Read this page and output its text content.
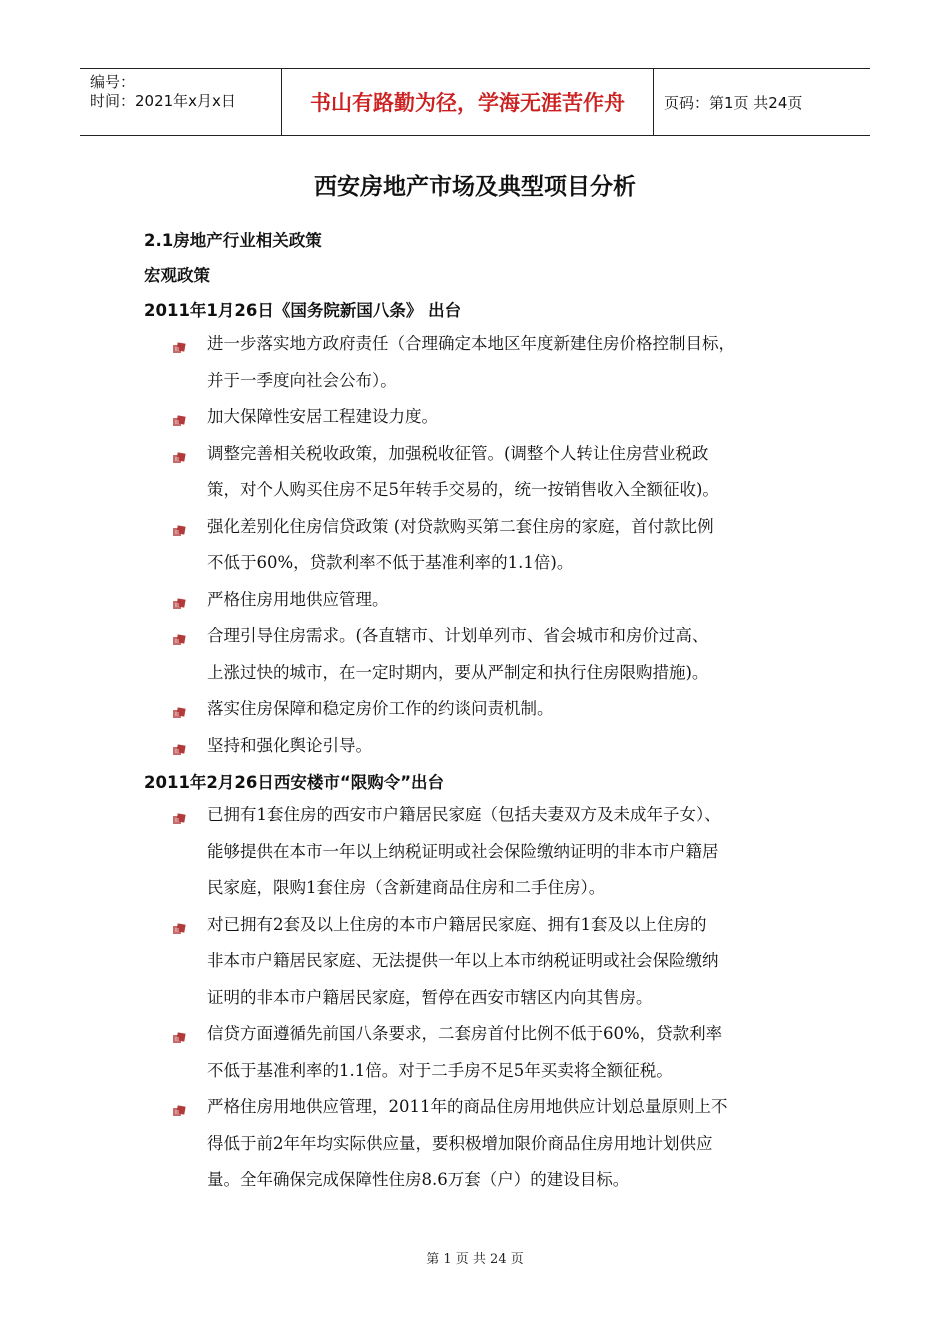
编号：
时间：2021年x月x日	书山有路勤为径，学海无涯苦作舟	页码：第1页 共24页
西安房地产市场及典型项目分析
2.1房地产行业相关政策
宏观政策
2011年1月26日《国务院新国八条》 出台
进一步落实地方政府责任（合理确定本地区年度新建住房价格控制目标，
并于一季度向社会公布）。
加大保障性安居工程建设力度。
调整完善相关税收政策，加强税收征管。(调整个人转让住房营业税政
策，对个人购买住房不足5年转手交易的，统一按销售收入全额征收)。
强化差别化住房信贷政策 (对贷款购买第二套住房的家庭，首付款比例
不低于60%，贷款利率不低于基准利率的1.1倍)。
严格住房用地供应管理。
合理引导住房需求。(各直辖市、计划单列市、省会城市和房价过高、
上涨过快的城市，在一定时期内，要从严制定和执行住房限购措施)。
落实住房保障和稳定房价工作的约谈问责机制。
坚持和强化舆论引导。
2011年2月26日西安楼市“限购令”出台
已拥有1套住房的西安市户籍居民家庭（包括夫妻双方及未成年子女）、
能够提供在本市一年以上纳税证明或社会保险缴纳证明的非本市户籍居
民家庭，限购1套住房（含新建商品住房和二手住房）。
对已拥有2套及以上住房的本市户籍居民家庭、拥有1套及以上住房的
非本市户籍居民家庭、无法提供一年以上本市纳税证明或社会保险缴纳
证明的非本市户籍居民家庭，暂停在西安市辖区内向其售房。
信贷方面遵循先前国八条要求，二套房首付比例不低于60%，贷款利率
不低于基准利率的1.1倍。对于二手房不足5年买卖将全额征税。
严格住房用地供应管理，2011年的商品住房用地供应计划总量原则上不
得低于前2年年均实际供应量，要积极增加限价商品住房用地计划供应
量。全年确保完成保障性住房8.6万套（户）的建设目标。
第 1 页 共 24 页
